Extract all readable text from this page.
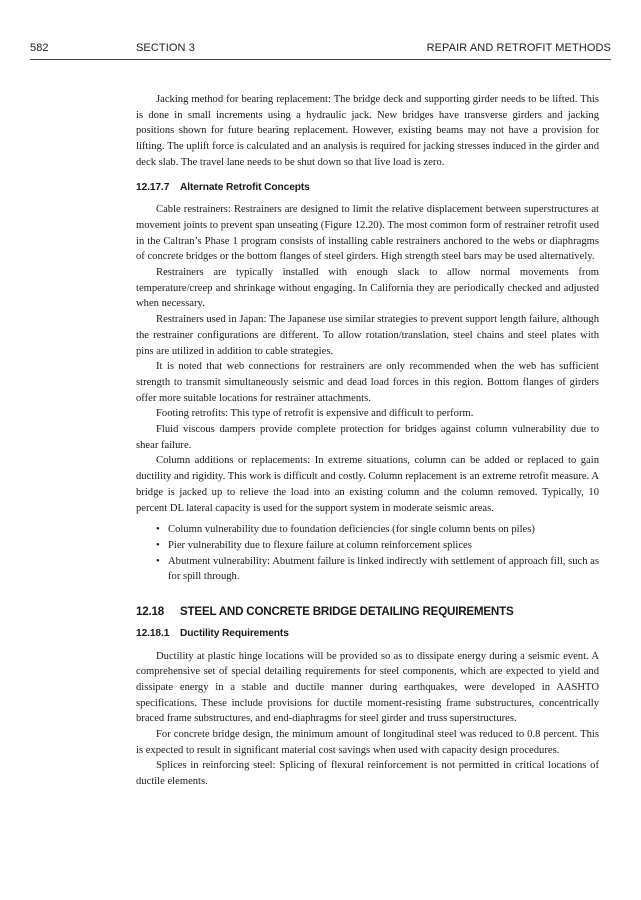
582	SECTION 3	REPAIR AND RETROFIT METHODS

Jacking method for bearing replacement: The bridge deck and supporting girder needs to be lifted. This is done in small increments using a hydraulic jack. New bridges have transverse girders and jacking positions shown for future bearing replacement. However, existing beams may not have a provision for lifting. The uplift force is calculated and an analysis is required for jacking stresses induced in the girder and deck slab. The travel lane needs to be shut down so that live load is zero.

12.17.7 Alternate Retrofit Concepts

Cable restrainers: Restrainers are designed to limit the relative displacement between superstructures at movement joints to prevent span unseating (Figure 12.20). The most common form of restrainer retrofit used in the Caltran’s Phase 1 program consists of installing cable restrainers anchored to the webs or diaphragms of concrete bridges or the bottom flanges of steel girders. High strength steel bars may be used alternatively.

Restrainers are typically installed with enough slack to allow normal movements from temperature/creep and shrinkage without engaging. In California they are periodically checked and adjusted when necessary.

Restrainers used in Japan: The Japanese use similar strategies to prevent support length failure, although the restrainer configurations are different. To allow rotation/translation, steel chains and steel plates with pins are utilized in addition to cable strategies.

It is noted that web connections for restrainers are only recommended when the web has sufficient strength to transmit simultaneously seismic and dead load forces in this region. Bottom flanges of girders offer more suitable locations for restrainer attachments.

Footing retrofits: This type of retrofit is expensive and difficult to perform.

Fluid viscous dampers provide complete protection for bridges against column vulnerability due to shear failure.

Column additions or replacements: In extreme situations, column can be added or replaced to gain ductility and rigidity. This work is difficult and costly. Column replacement is an extreme retrofit measure. A bridge is jacked up to relieve the load into an existing column and the column removed. Typically, 10 percent DL lateral capacity is used for the support system in moderate seismic areas.

• Column vulnerability due to foundation deficiencies (for single column bents on piles)
• Pier vulnerability due to flexure failure at column reinforcement splices
• Abutment vulnerability: Abutment failure is linked indirectly with settlement of approach fill, such as for spill through.
12.18 STEEL AND CONCRETE BRIDGE DETAILING REQUIREMENTS
12.18.1 Ductility Requirements

Ductility at plastic hinge locations will be provided so as to dissipate energy during a seismic event. A comprehensive set of special detailing requirements for steel components, which are expected to yield and dissipate energy in a stable and ductile manner during earthquakes, were developed in AASHTO specifications. These include provisions for ductile moment-resisting frame substructures, concentrically braced frame substructures, and end-diaphragms for steel girder and truss superstructures.

For concrete bridge design, the minimum amount of longitudinal steel was reduced to 0.8 percent. This is expected to result in significant material cost savings when used with capacity design procedures.

Splices in reinforcing steel: Splicing of flexural reinforcement is not permitted in critical locations of ductile elements.
